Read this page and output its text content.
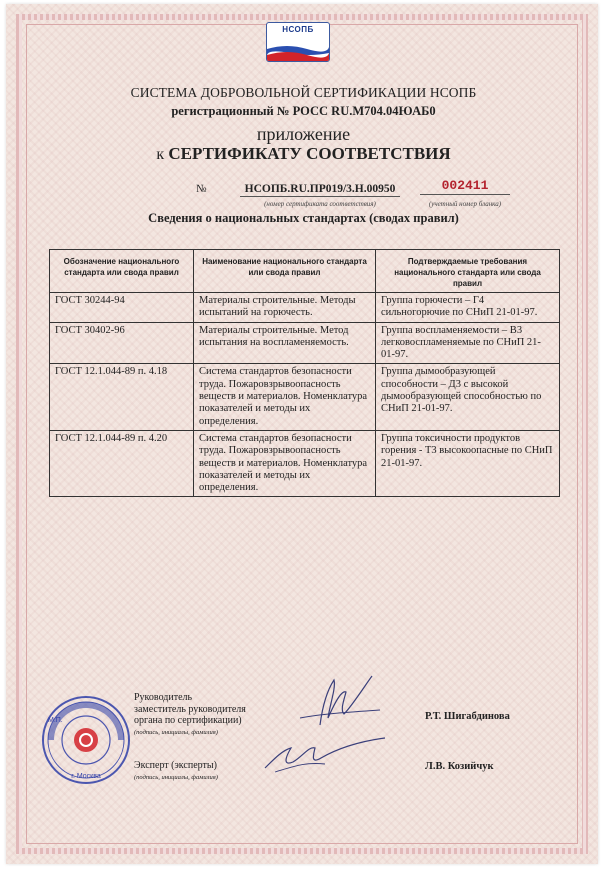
НСОПБ
СИСТЕМА ДОБРОВОЛЬНОЙ СЕРТИФИКАЦИИ НСОПБ
регистрационный № РОСС RU.M704.04ЮАБ0
приложение
к СЕРТИФИКАТУ СООТВЕТСТВИЯ
№	НСОПБ.RU.ПР019/3.Н.00950
(номер сертификата соответствия)
002411
(учетный номер бланка)
Сведения о национальных стандартах (сводах правил)
Обозначение национального стандарта или свода правил	Наименование национального стандарта или свода правил	Подтверждаемые требования национального стандарта или свода правил
ГОСТ 30244-94	Материалы строительные. Методы испытаний на горючесть.	Группа горючести – Г4 сильногорючие по СНиП 21-01-97.
ГОСТ 30402-96	Материалы строительные. Метод испытания на воспламеняемость.	Группа воспламеняемости – В3 легковоспламеняемые по СНиП 21-01-97.
ГОСТ 12.1.044-89 п. 4.18	Система стандартов безопасности труда. Пожаровзрывоопасность веществ и материалов. Номенклатура показателей и методы их определения.	Группа дымообразующей способности – Д3 с высокой дымообразующей способностью по СНиП 21-01-97.
ГОСТ 12.1.044-89 п. 4.20	Система стандартов безопасности труда. Пожаровзрывоопасность веществ и материалов. Номенклатура показателей и методы их определения.	Группа токсичности продуктов горения - Т3 высокоопасные по СНиП 21-01-97.
г. Москва
М.П.
Руководитель
заместитель руководителя
органа по сертификации)
(подпись, инициалы, фамилия)
Эксперт (эксперты)
(подпись, инициалы, фамилия)
Р.Т. Шигабдинова
Л.В. Козийчук
